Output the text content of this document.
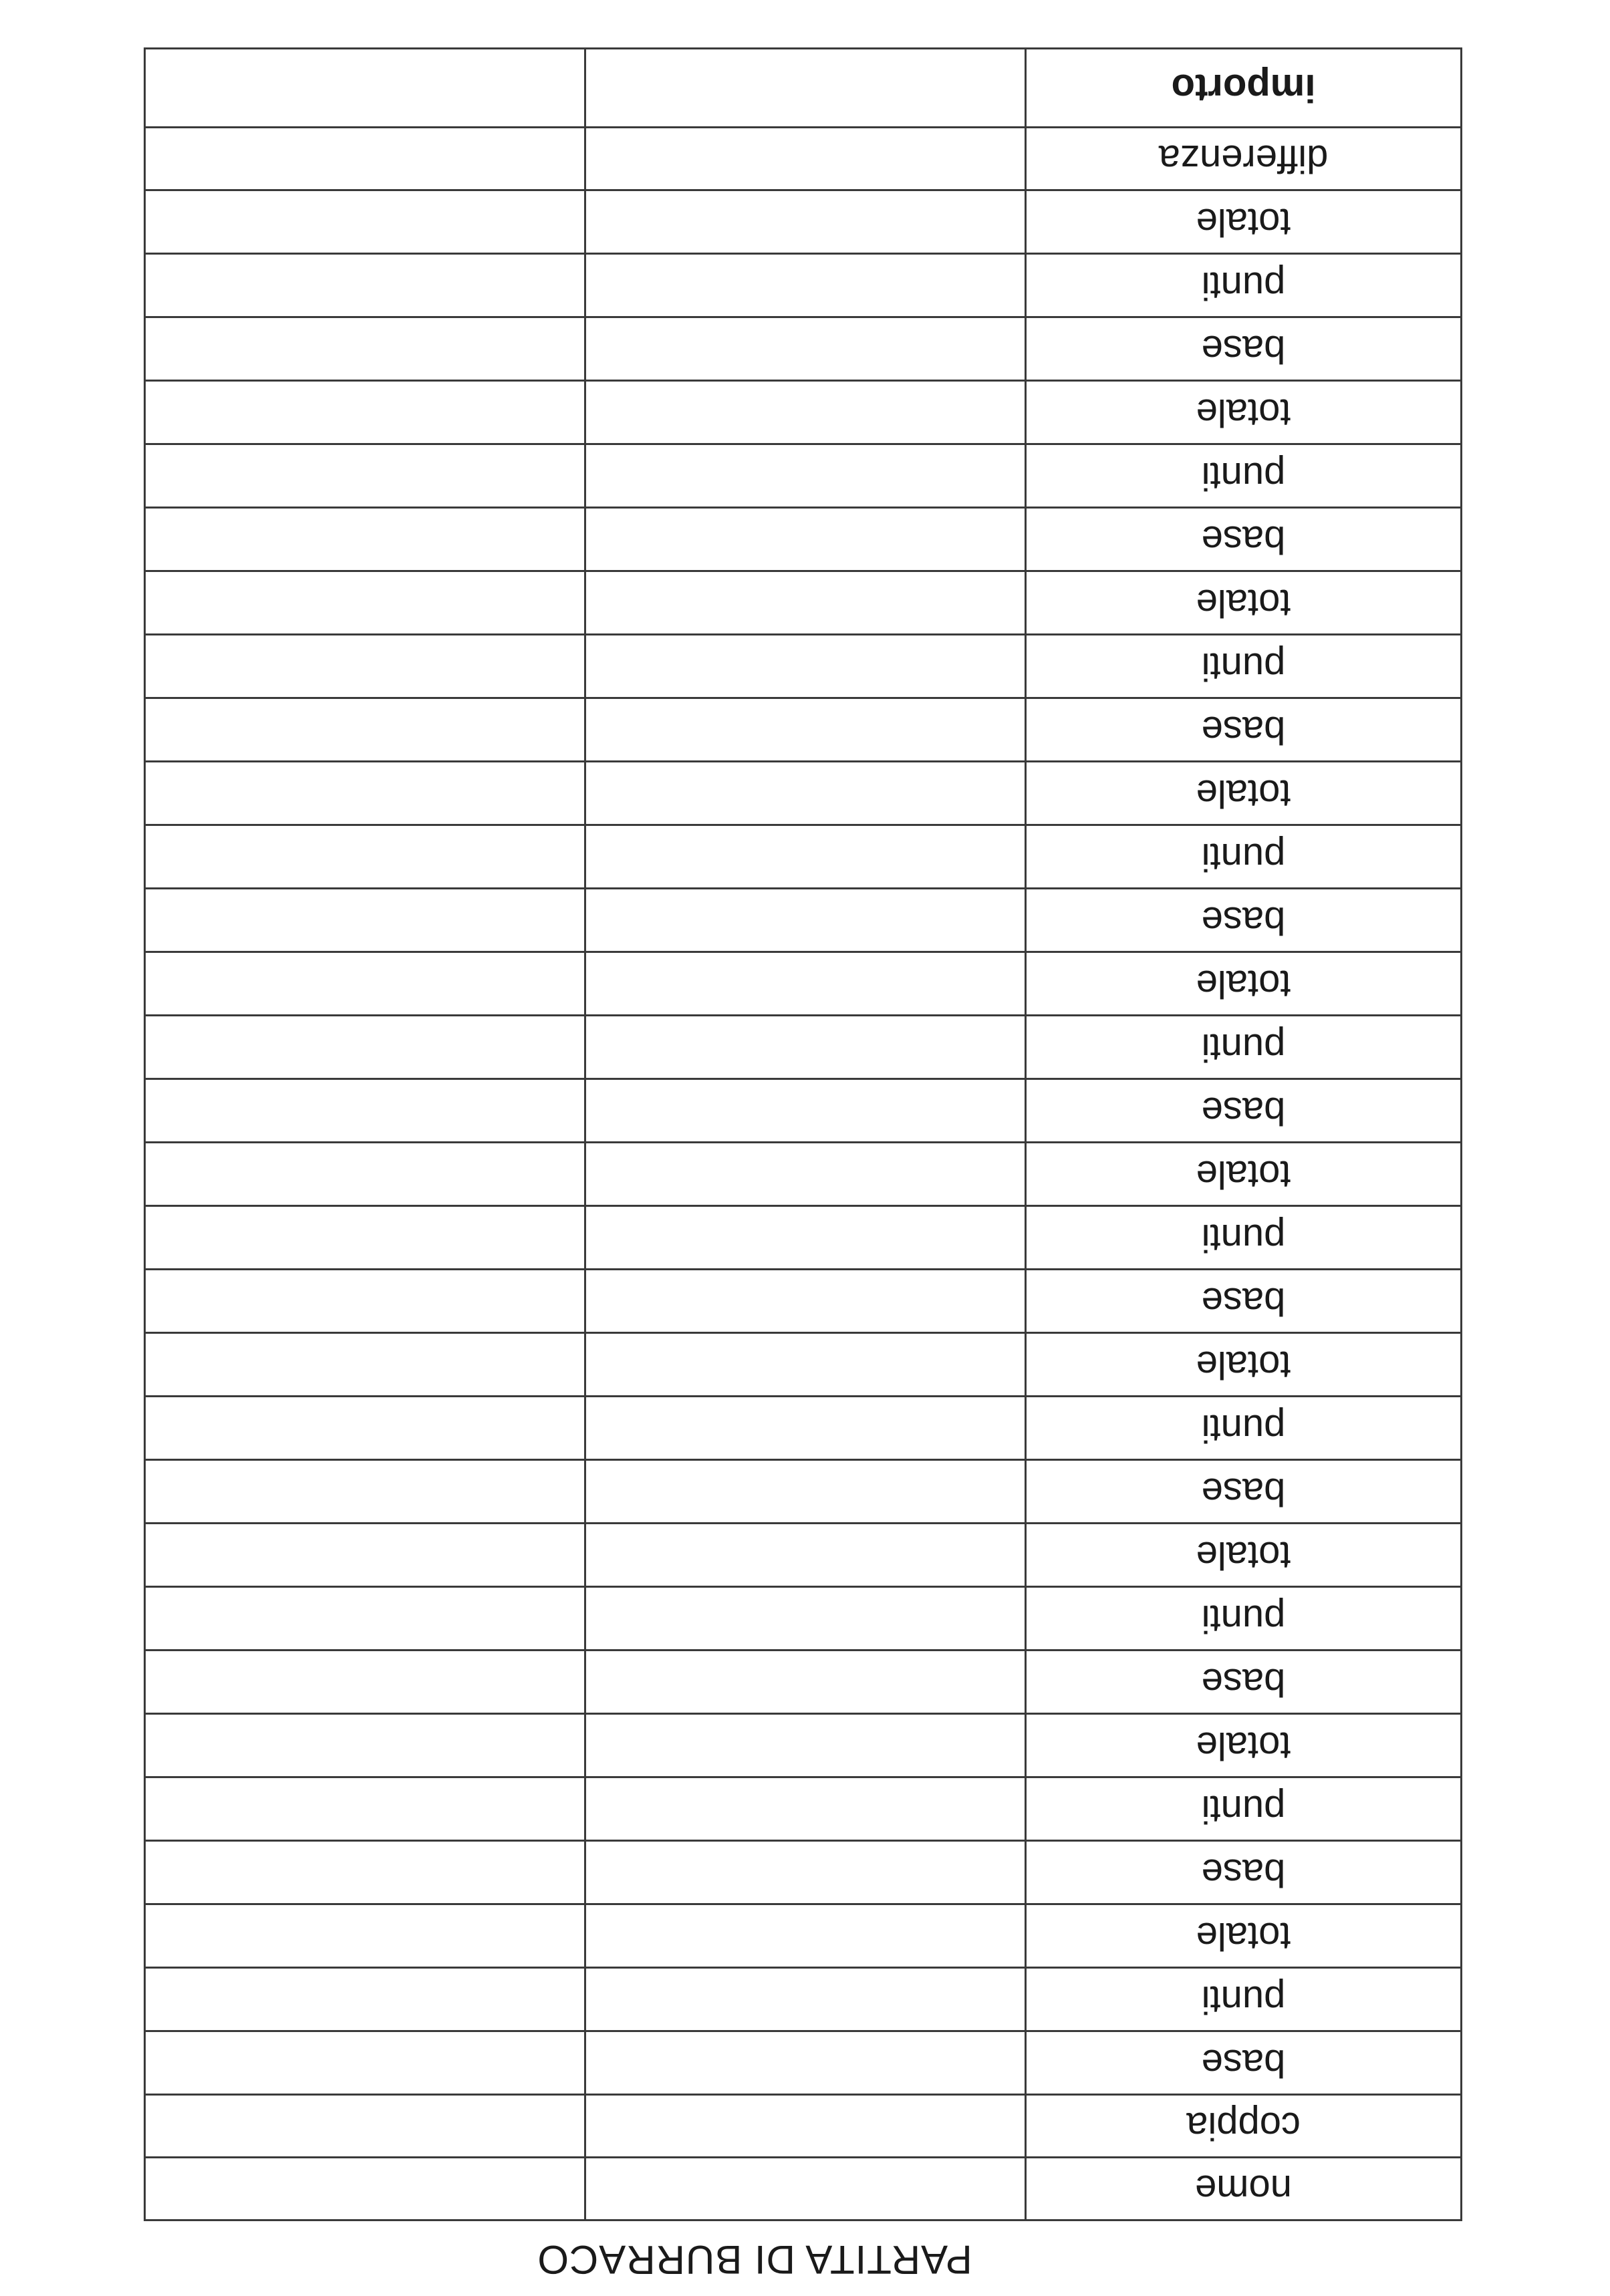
PARTITA DI BURRACO
nome		
coppia		
base		
punti		
totale		
base		
punti		
totale		
base		
punti		
totale		
base		
punti		
totale		
base		
punti		
totale		
base		
punti		
totale		
base		
punti		
totale		
base		
punti		
totale		
base		
punti		
totale		
base		
punti		
totale		
differenza		
importo		
